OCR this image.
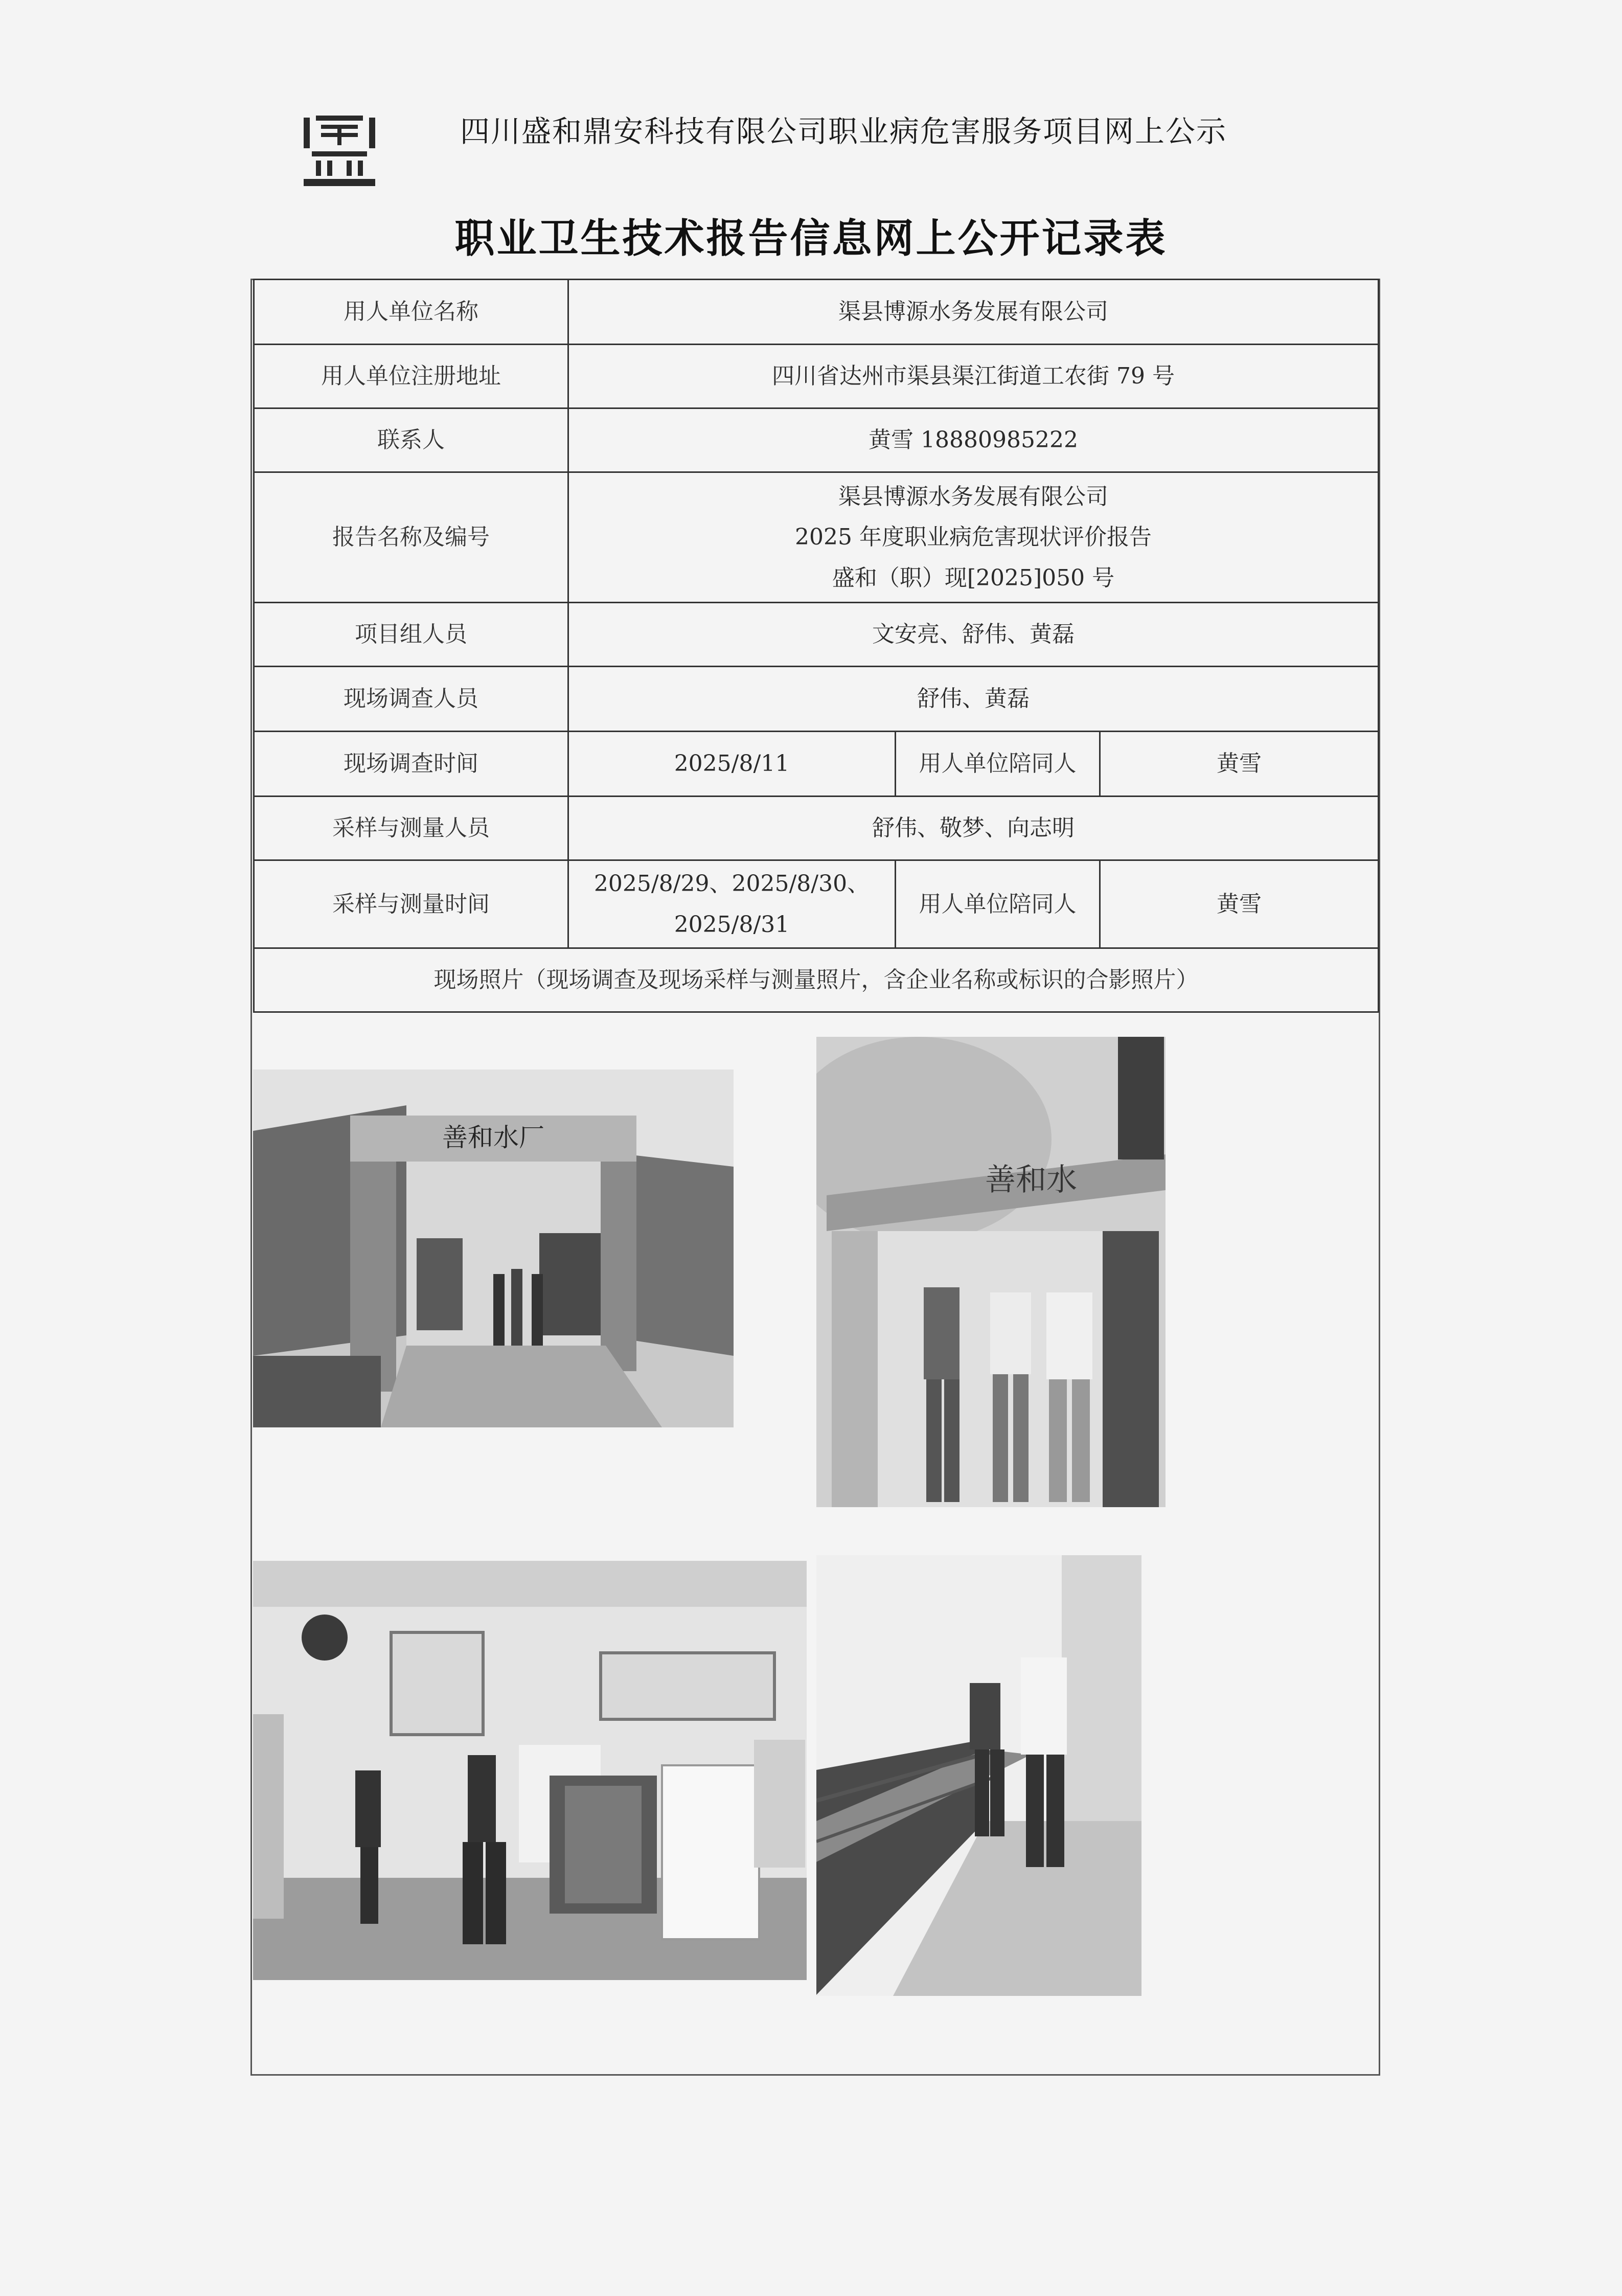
四川盛和鼎安科技有限公司职业病危害服务项目网上公示
职业卫生技术报告信息网上公开记录表
用人单位名称	渠县博源水务发展有限公司		
用人单位注册地址	四川省达州市渠县渠江街道工农街 79 号		
联系人	黄雪 18880985222		
报告名称及编号	渠县博源水务发展有限公司
2025 年度职业病危害现状评价报告
盛和（职）现[2025]050 号		

项目组人员	文安亮、舒伟、黄磊		
现场调查人员	舒伟、黄磊		
现场调查时间	2025/8/11	用人单位陪同人	黄雪
采样与测量人员	舒伟、敬梦、向志明		
采样与测量时间	2025/8/29、2025/8/30、
2025/8/31	用人单位陪同人	黄雪
现场照片（现场调查及现场采样与测量照片，含企业名称或标识的合影照片）			
善和水厂
善和水
